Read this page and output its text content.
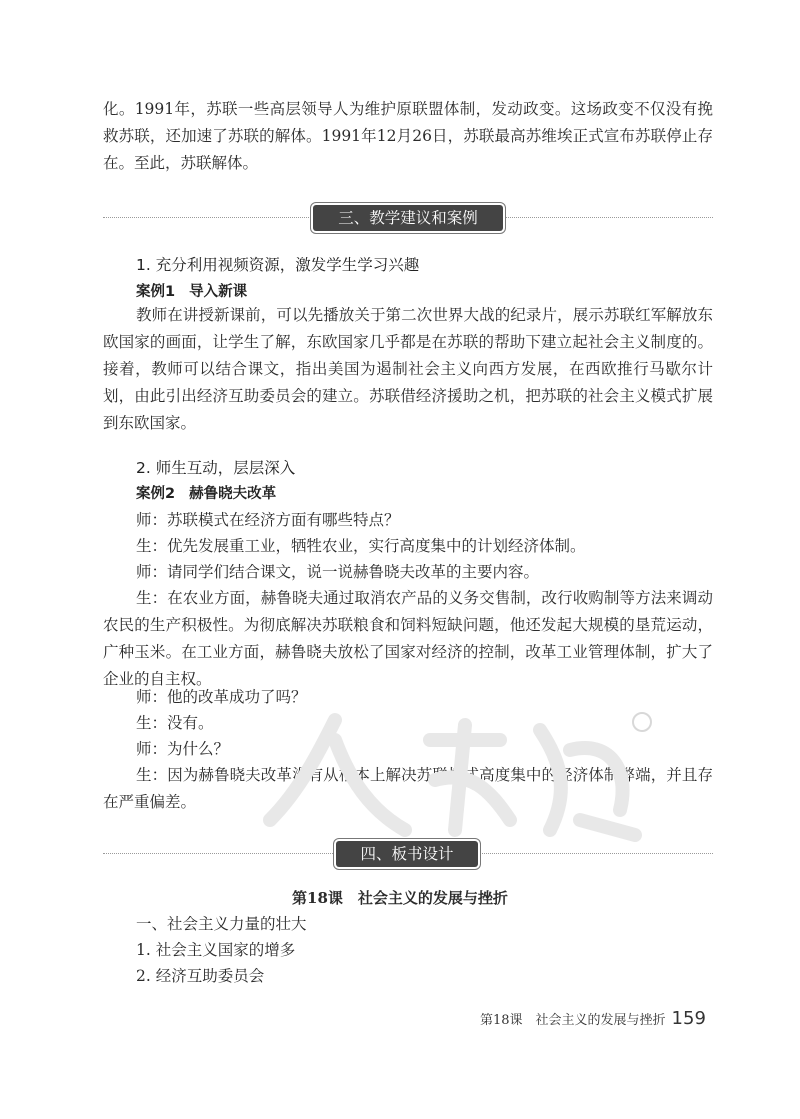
化。1991年，苏联一些高层领导人为维护原联盟体制，发动政变。这场政变不仅没有挽救苏联，还加速了苏联的解体。1991年12月26日，苏联最高苏维埃正式宣布苏联停止存在。至此，苏联解体。

三、教学建议和案例

1. 充分利用视频资源，激发学生学习兴趣

案例1 导入新课

教师在讲授新课前，可以先播放关于第二次世界大战的纪录片，展示苏联红军解放东欧国家的画面，让学生了解，东欧国家几乎都是在苏联的帮助下建立起社会主义制度的。接着，教师可以结合课文，指出美国为遏制社会主义向西方发展，在西欧推行马歇尔计划，由此引出经济互助委员会的建立。苏联借经济援助之机，把苏联的社会主义模式扩展到东欧国家。

2. 师生互动，层层深入

案例2 赫鲁晓夫改革

师：苏联模式在经济方面有哪些特点？

生：优先发展重工业，牺牲农业，实行高度集中的计划经济体制。

师：请同学们结合课文，说一说赫鲁晓夫改革的主要内容。

生：在农业方面，赫鲁晓夫通过取消农产品的义务交售制，改行收购制等方法来调动农民的生产积极性。为彻底解决苏联粮食和饲料短缺问题，他还发起大规模的垦荒运动，广种玉米。在工业方面，赫鲁晓夫放松了国家对经济的控制，改革工业管理体制，扩大了企业的自主权。

师：他的改革成功了吗？

生：没有。

师：为什么？

生：因为赫鲁晓夫改革没有从根本上解决苏联模式高度集中的经济体制弊端，并且存在严重偏差。

四、板书设计

第18课　社会主义的发展与挫折

一、社会主义力量的壮大

1. 社会主义国家的增多

2. 经济互助委员会

第18课　社会主义的发展与挫折 159
